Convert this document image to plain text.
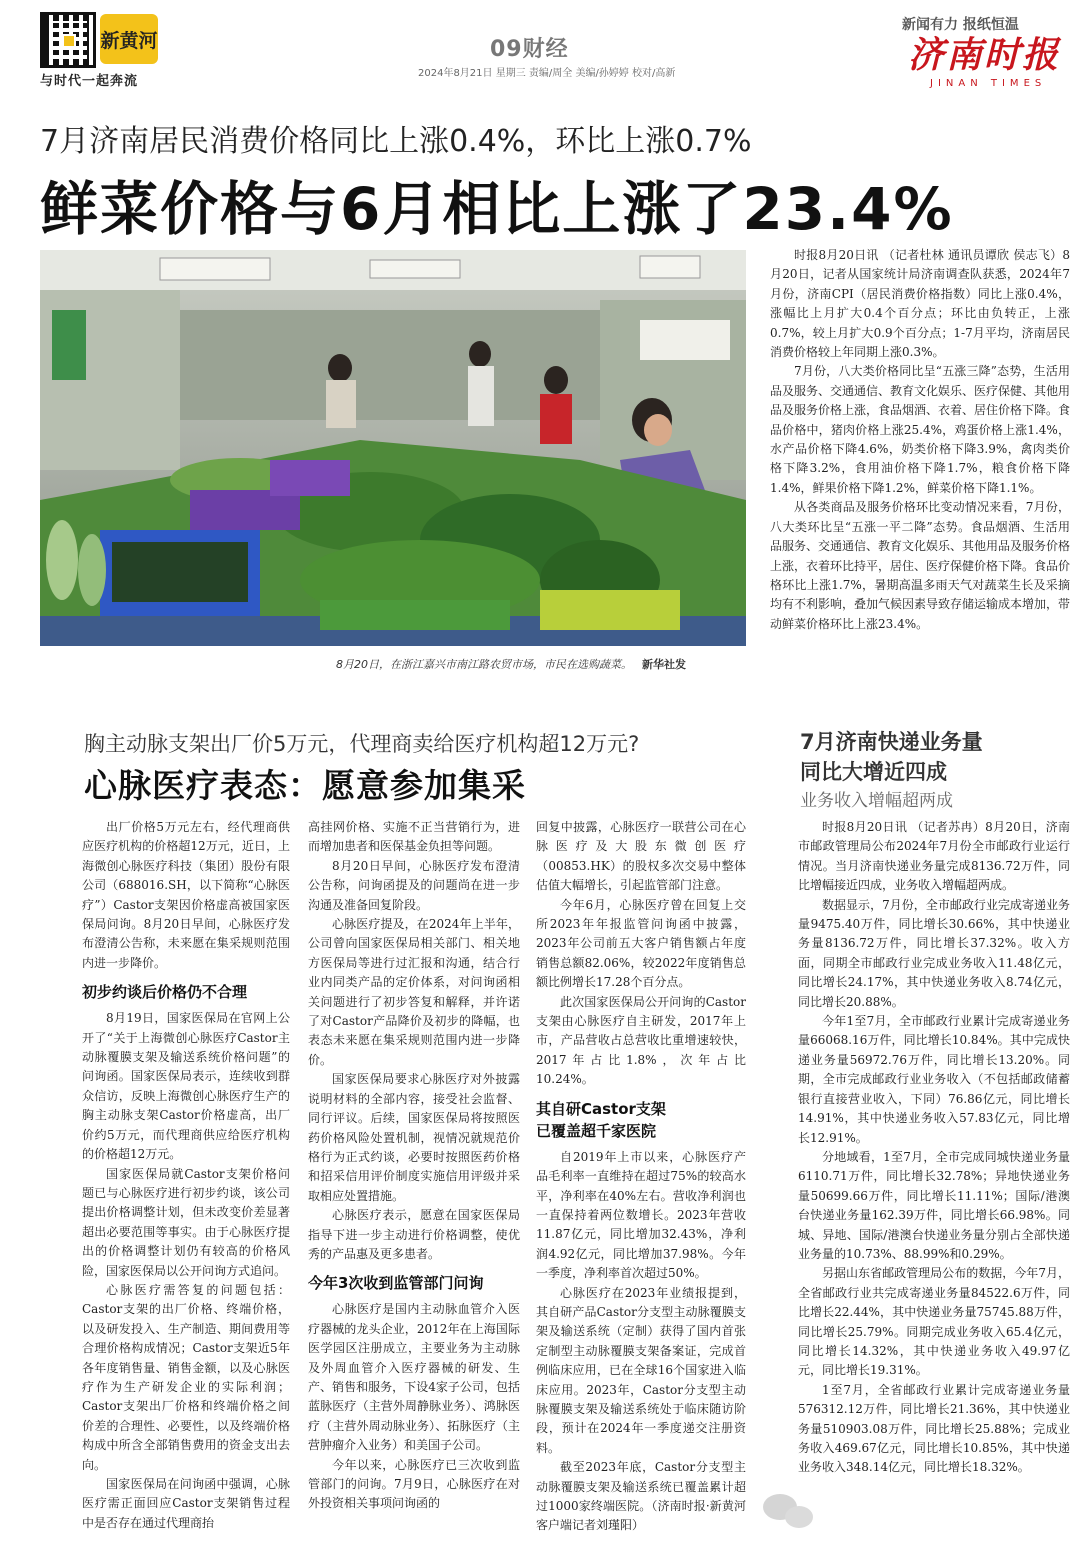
新黄河
与时代一起奔流
09财经
2024年8月21日 星期三 责编/周全 美编/孙婷婷 校对/高新
新闻有力 报纸恒温
济南时报
JINAN TIMES
7月济南居民消费价格同比上涨0.4%，环比上涨0.7%
鲜菜价格与6月相比上涨了23.4%
8月20日，在浙江嘉兴市南江路农贸市场，市民在选购蔬菜。 新华社发

时报8月20日讯 （记者杜林 通讯员谭欣 侯志飞）8月20日，记者从国家统计局济南调查队获悉，2024年7月份，济南CPI（居民消费价格指数）同比上涨0.4%，涨幅比上月扩大0.4个百分点；环比由负转正，上涨0.7%，较上月扩大0.9个百分点；1-7月平均，济南居民消费价格较上年同期上涨0.3%。

7月份，八大类价格同比呈“五涨三降”态势，生活用品及服务、交通通信、教育文化娱乐、医疗保健、其他用品及服务价格上涨，食品烟酒、衣着、居住价格下降。食品价格中，猪肉价格上涨25.4%，鸡蛋价格上涨1.4%，水产品价格下降4.6%，奶类价格下降3.9%，禽肉类价格下降3.2%，食用油价格下降1.7%，粮食价格下降1.4%，鲜果价格下降1.2%，鲜菜价格下降1.1%。

从各类商品及服务价格环比变动情况来看，7月份，八大类环比呈“五涨一平二降”态势。食品烟酒、生活用品服务、交通通信、教育文化娱乐、其他用品及服务价格上涨，衣着环比持平，居住、医疗保健价格下降。食品价格环比上涨1.7%，暑期高温多雨天气对蔬菜生长及采摘均有不利影响，叠加气候因素导致存储运输成本增加，带动鲜菜价格环比上涨23.4%。

胸主动脉支架出厂价5万元，代理商卖给医疗机构超12万元?
心脉医疗表态：愿意参加集采

出厂价格5万元左右，经代理商供应医疗机构的价格超12万元，近日，上海微创心脉医疗科技（集团）股份有限公司（688016.SH，以下简称“心脉医疗”）Castor支架因价格虚高被国家医保局问询。8月20日早间，心脉医疗发布澄清公告称，未来愿在集采规则范围内进一步降价。

初步约谈后价格仍不合理

8月19日，国家医保局在官网上公开了“关于上海微创心脉医疗Castor主动脉覆膜支架及输送系统价格问题”的问询函。国家医保局表示，连续收到群众信访，反映上海微创心脉医疗生产的胸主动脉支架Castor价格虚高，出厂价约5万元，而代理商供应给医疗机构的价格超12万元。

国家医保局就Castor支架价格问题已与心脉医疗进行初步约谈，该公司提出价格调整计划，但未改变价差显著超出必要范围等事实。由于心脉医疗提出的价格调整计划仍有较高的价格风险，国家医保局以公开问询方式追问。

心脉医疗需答复的问题包括：Castor支架的出厂价格、终端价格，以及研发投入、生产制造、期间费用等合理价格构成情况；Castor支架近5年各年度销售量、销售金额，以及心脉医疗作为生产研发企业的实际利润；Castor支架出厂价格和终端价格之间价差的合理性、必要性，以及终端价格构成中所含全部销售费用的资金支出去向。

国家医保局在问询函中强调，心脉医疗需正面回应Castor支架销售过程中是否存在通过代理商抬

高挂网价格、实施不正当营销行为，进而增加患者和医保基金负担等问题。

8月20日早间，心脉医疗发布澄清公告称，问询函提及的问题尚在进一步沟通及准备回复阶段。

心脉医疗提及，在2024年上半年，公司曾向国家医保局相关部门、相关地方医保局等进行过汇报和沟通，结合行业内同类产品的定价体系，对问询函相关问题进行了初步答复和解释，并许诺了对Castor产品降价及初步的降幅，也表态未来愿在集采规则范围内进一步降价。

国家医保局要求心脉医疗对外披露说明材料的全部内容，接受社会监督、同行评议。后续，国家医保局将按照医药价格风险处置机制，视情况就规范价格行为正式约谈，必要时按照医药价格和招采信用评价制度实施信用评级并采取相应处置措施。

心脉医疗表示，愿意在国家医保局指导下进一步主动进行价格调整，使优秀的产品惠及更多患者。

今年3次收到监管部门问询

心脉医疗是国内主动脉血管介入医疗器械的龙头企业，2012年在上海国际医学园区注册成立，主要业务为主动脉及外周血管介入医疗器械的研发、生产、销售和服务，下设4家子公司，包括蓝脉医疗（主营外周静脉业务）、鸿脉医疗（主营外周动脉业务）、拓脉医疗（主营肿瘤介入业务）和美国子公司。

今年以来，心脉医疗已三次收到监管部门的问询。7月9日，心脉医疗在对外投资相关事项问询函的

回复中披露，心脉医疗一联营公司在心脉医疗及大股东微创医疗（00853.HK）的股权多次交易中整体估值大幅增长，引起监管部门注意。

今年6月，心脉医疗曾在回复上交所2023年年报监管问询函中披露，2023年公司前五大客户销售额占年度销售总额82.06%，较2022年度销售总额比例增长17.28个百分点。

此次国家医保局公开问询的Castor支架由心脉医疗自主研发，2017年上市，产品营收占总营收比重增速较快，2017年占比1.8%，次年占比10.24%。

其自研Castor支架
已覆盖超千家医院

自2019年上市以来，心脉医疗产品毛利率一直维持在超过75%的较高水平，净利率在40%左右。营收净利润也一直保持着两位数增长。2023年营收11.87亿元，同比增加32.43%，净利润4.92亿元，同比增加37.98%。今年一季度，净利率首次超过50%。

心脉医疗在2023年业绩报提到，其自研产品Castor分支型主动脉覆膜支架及输送系统（定制）获得了国内首张定制型主动脉覆膜支架备案证，完成首例临床应用，已在全球16个国家进入临床应用。2023年，Castor分支型主动脉覆膜支架及输送系统处于临床随访阶段，预计在2024年一季度递交注册资料。

截至2023年底，Castor分支型主动脉覆膜支架及输送系统已覆盖累计超过1000家终端医院。（济南时报·新黄河客户端记者刘瑾阳）

7月济南快递业务量
同比大增近四成
业务收入增幅超两成

时报8月20日讯 （记者苏冉）8月20日，济南市邮政管理局公布2024年7月份全市邮政行业运行情况。当月济南快递业务量完成8136.72万件，同比增幅接近四成，业务收入增幅超两成。

数据显示，7月份，全市邮政行业完成寄递业务量9475.40万件，同比增长30.66%，其中快递业务量8136.72万件，同比增长37.32%。收入方面，同期全市邮政行业完成业务收入11.48亿元，同比增长24.17%，其中快递业务收入8.74亿元，同比增长20.88%。

今年1至7月，全市邮政行业累计完成寄递业务量66068.16万件，同比增长10.84%。其中完成快递业务量56972.76万件，同比增长13.20%。同期，全市完成邮政行业业务收入（不包括邮政储蓄银行直接营业收入，下同）76.86亿元，同比增长14.91%，其中快递业务收入57.83亿元，同比增长12.91%。

分地域看，1至7月，全市完成同城快递业务量6110.71万件，同比增长32.78%；异地快递业务量50699.66万件，同比增长11.11%；国际/港澳台快递业务量162.39万件，同比增长66.98%。同城、异地、国际/港澳台快递业务量分别占全部快递业务量的10.73%、88.99%和0.29%。

另据山东省邮政管理局公布的数据，今年7月，全省邮政行业共完成寄递业务量84522.6万件，同比增长22.44%，其中快递业务量75745.88万件，同比增长25.79%。同期完成业务收入65.4亿元，同比增长14.32%，其中快递业务收入49.97亿元，同比增长19.31%。

1至7月，全省邮政行业累计完成寄递业务量576312.12万件，同比增长21.36%，其中快递业务量510903.08万件，同比增长25.88%；完成业务收入469.67亿元，同比增长10.85%，其中快递业务收入348.14亿元，同比增长18.32%。
